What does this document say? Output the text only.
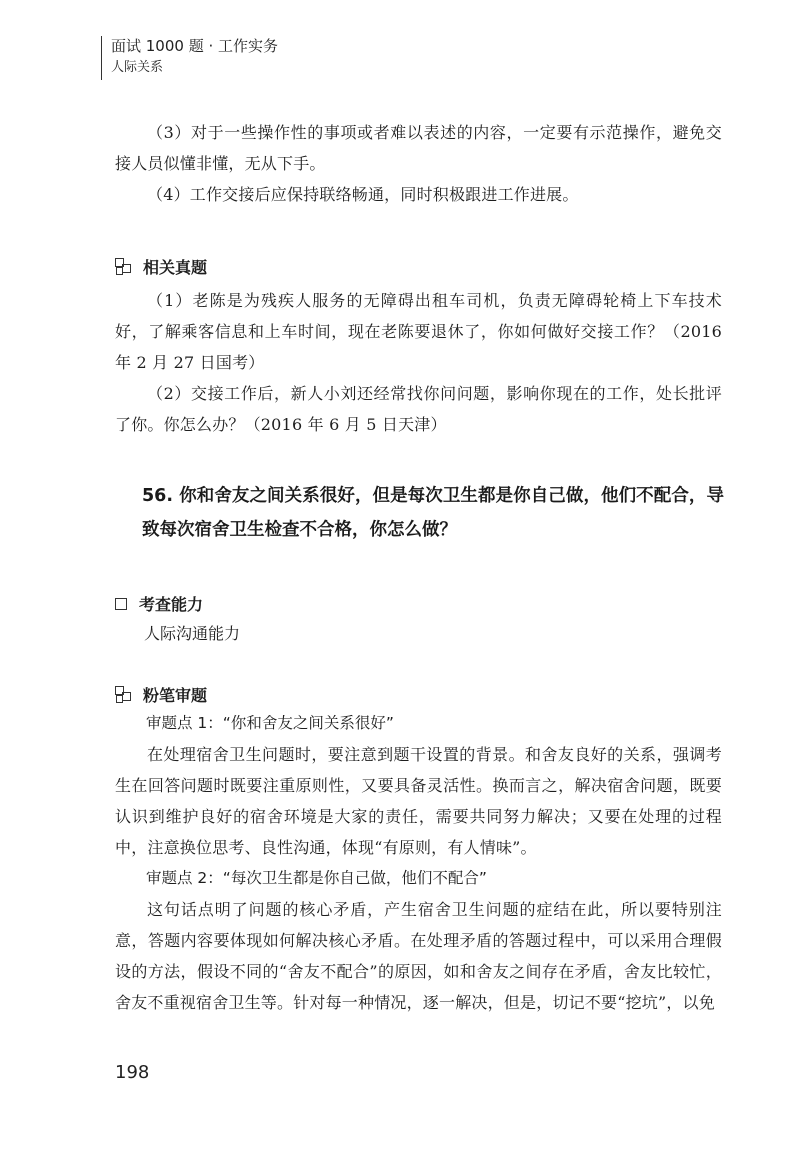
面试 1000 题 · 工作实务
人际关系

（3）对于一些操作性的事项或者难以表述的内容，一定要有示范操作，避免交接人员似懂非懂，无从下手。

（4）工作交接后应保持联络畅通，同时积极跟进工作进展。

相关真题

（1）老陈是为残疾人服务的无障碍出租车司机，负责无障碍轮椅上下车技术好，了解乘客信息和上车时间，现在老陈要退休了，你如何做好交接工作？（2016 年 2 月 27 日国考）

（2）交接工作后，新人小刘还经常找你问问题，影响你现在的工作，处长批评了你。你怎么办？（2016 年 6 月 5 日天津）

56. 你和舍友之间关系很好，但是每次卫生都是你自己做，他们不配合，导致每次宿舍卫生检查不合格，你怎么做？
考查能力
人际沟通能力
粉笔审题
审题点 1：“你和舍友之间关系很好”

在处理宿舍卫生问题时，要注意到题干设置的背景。和舍友良好的关系，强调考生在回答问题时既要注重原则性，又要具备灵活性。换而言之，解决宿舍问题，既要认识到维护良好的宿舍环境是大家的责任，需要共同努力解决；又要在处理的过程中，注意换位思考、良性沟通，体现“有原则，有人情味”。

审题点 2：“每次卫生都是你自己做，他们不配合”

这句话点明了问题的核心矛盾，产生宿舍卫生问题的症结在此，所以要特别注意，答题内容要体现如何解决核心矛盾。在处理矛盾的答题过程中，可以采用合理假设的方法，假设不同的“舍友不配合”的原因，如和舍友之间存在矛盾，舍友比较忙，舍友不重视宿舍卫生等。针对每一种情况，逐一解决，但是，切记不要“挖坑”，以免

198
